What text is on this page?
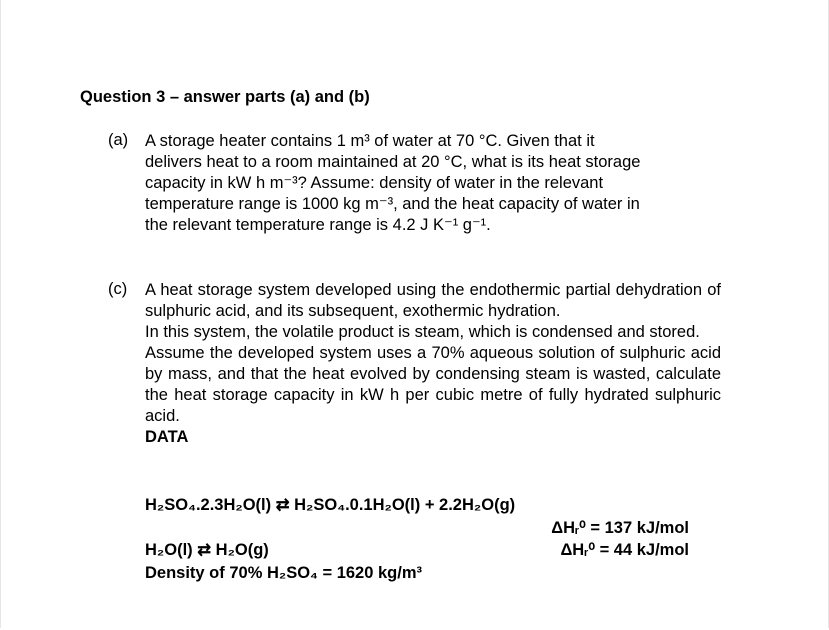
Question 3 – answer parts (a) and (b)
(a) A storage heater contains 1 m³ of water at 70 °C. Given that it
delivers heat to a room maintained at 20 °C, what is its heat storage
capacity in kW h m⁻³? Assume: density of water in the relevant
temperature range is 1000 kg m⁻³, and the heat capacity of water in
the relevant temperature range is 4.2 J K⁻¹ g⁻¹.
(c) A heat storage system developed using the endothermic partial dehydration of sulphuric acid, and its subsequent, exothermic hydration.

In this system, the volatile product is steam, which is condensed and stored.

Assume the developed system uses a 70% aqueous solution of sulphuric acid by mass, and that the heat evolved by condensing steam is wasted, calculate the heat storage capacity in kW h per cubic metre of fully hydrated sulphuric acid.

DATA

H₂SO₄.2.3H₂O(l) ⇄ H₂SO₄.0.1H₂O(l) + 2.2H₂O(g)
ΔHᵣ⁰ = 137 kJ/mol
H₂O(l) ⇄ H₂O(g)	ΔHᵣ⁰ = 44 kJ/mol
Density of 70% H₂SO₄ = 1620 kg/m³
